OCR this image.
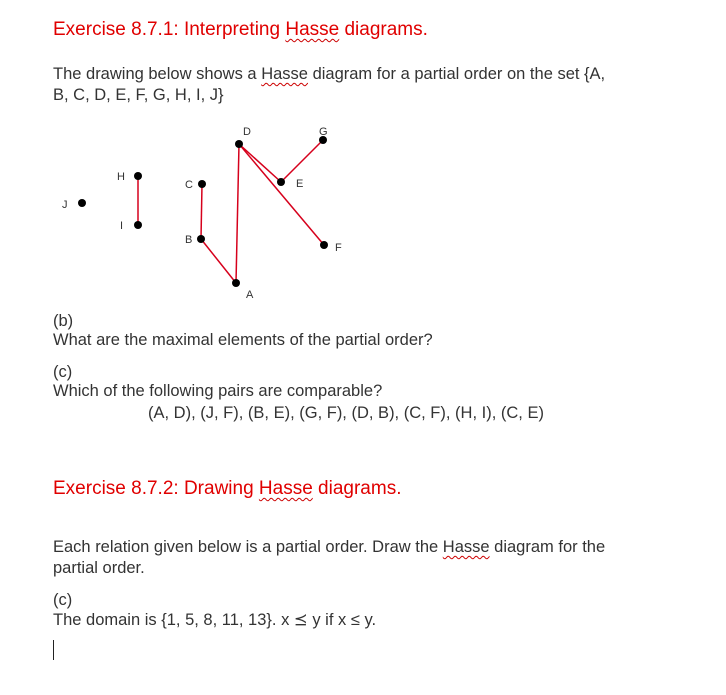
Exercise 8.7.1: Interpreting Hasse diagrams.
The drawing below shows a Hasse diagram for a partial order on the set {A,
B, C, D, E, F, G, H, I, J}
A
B
C
D
E
F
G
H
I
J
(b)
What are the maximal elements of the partial order?
(c)
Which of the following pairs are comparable?
(A, D), (J, F), (B, E), (G, F), (D, B), (C, F), (H, I), (C, E)
Exercise 8.7.2: Drawing Hasse diagrams.
Each relation given below is a partial order. Draw the Hasse diagram for the
partial order.
(c)
The domain is {1, 5, 8, 11, 13}. x ⪯ y if x ≤ y.
